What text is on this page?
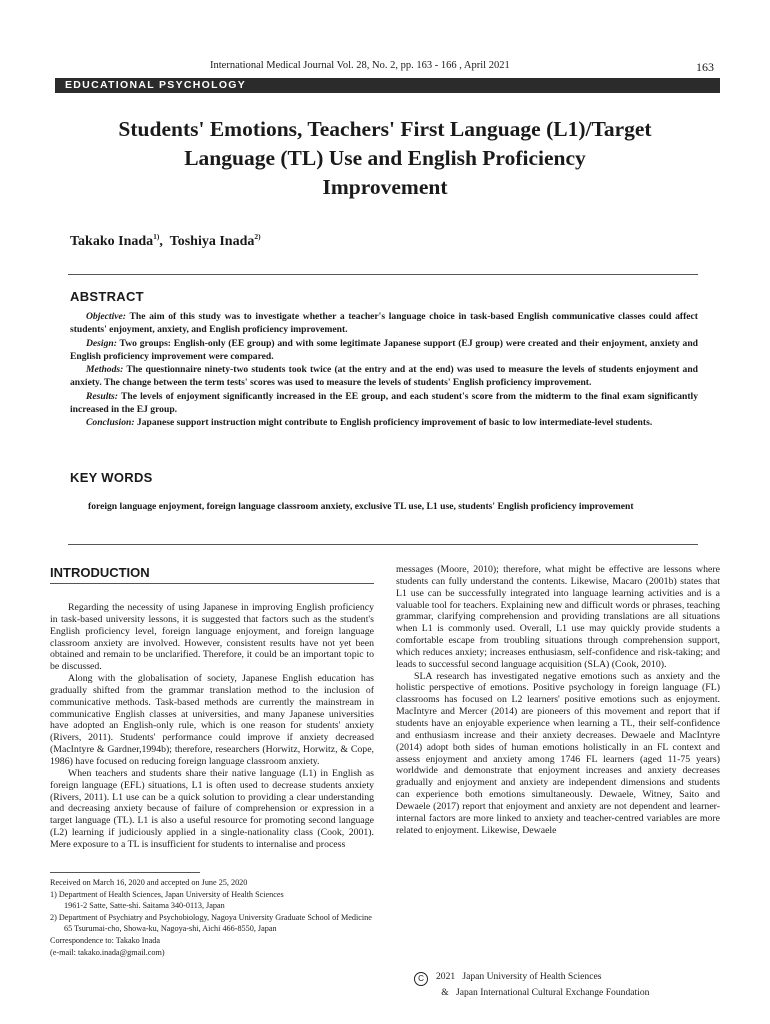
International Medical Journal Vol. 28, No. 2, pp. 163 - 166 , April 2021	163
EDUCATIONAL PSYCHOLOGY
Students' Emotions, Teachers' First Language (L1)/Target
Language (TL) Use and English Proficiency
Improvement
Takako Inada$^{1)}$,  Toshiya Inada$^{2)}$
ABSTRACT

Objective: The aim of this study was to investigate whether a teacher's language choice in task-based English communicative classes could affect students' enjoyment, anxiety, and English proficiency improvement.

Design: Two groups: English-only (EE group) and with some legitimate Japanese support (EJ group) were created and their enjoyment, anxiety and English proficiency improvement were compared.

Methods: The questionnaire ninety-two students took twice (at the entry and at the end) was used to measure the levels of students enjoyment and anxiety. The change between the term tests' scores was used to measure the levels of students' English proficiency improvement.

Results: The levels of enjoyment significantly increased in the EE group, and each student's score from the midterm to the final exam significantly increased in the EJ group.

Conclusion: Japanese support instruction might contribute to English proficiency improvement of basic to low intermediate-level students.

KEY WORDS
foreign language enjoyment, foreign language classroom anxiety, exclusive TL use, L1 use, students' English proficiency improvement
INTRODUCTION

Regarding the necessity of using Japanese in improving English proficiency in task-based university lessons, it is suggested that factors such as the student's English proficiency level, foreign language enjoyment, and foreign language classroom anxiety are involved. However, consistent results have not yet been obtained and remain to be unclarified. Therefore, it could be an important topic to be discussed.

Along with the globalisation of society, Japanese English education has gradually shifted from the grammar translation method to the inclusion of communicative methods. Task-based methods are currently the mainstream in communicative English classes at universities, and many Japanese universities have adopted an English-only rule, which is one reason for students' anxiety (Rivers, 2011). Students' performance could improve if anxiety decreased (MacIntyre & Gardner,1994b); therefore, researchers (Horwitz, Horwitz, & Cope, 1986) have focused on reducing foreign language classroom anxiety.

When teachers and students share their native language (L1) in English as foreign language (EFL) situations, L1 is often used to decrease students anxiety (Rivers, 2011). L1 use can be a quick solution to providing a clear understanding and decreasing anxiety because of failure of comprehension or expression in a target language (TL). L1 is also a useful resource for promoting second language (L2) learning if judiciously applied in a single-nationality class (Cook, 2001). Mere exposure to a TL is insufficient for students to internalise and process

messages (Moore, 2010); therefore, what might be effective are lessons where students can fully understand the contents. Likewise, Macaro (2001b) states that L1 use can be successfully integrated into language learning activities and is a valuable tool for teachers. Explaining new and difficult words or phrases, teaching grammar, clarifying comprehension and providing translations are all situations when L1 is commonly used. Overall, L1 use may quickly provide students a comfortable escape from troubling situations through comprehension support, which reduces anxiety; increases enthusiasm, self-confidence and risk-taking; and leads to successful second language acquisition (SLA) (Cook, 2010).

SLA research has investigated negative emotions such as anxiety and the holistic perspective of emotions. Positive psychology in foreign language (FL) classrooms has focused on L2 learners' positive emotions such as enjoyment. MacIntyre and Mercer (2014) are pioneers of this movement and report that if students have an enjoyable experience when learning a TL, their self-confidence and enthusiasm increase and their anxiety decreases. Dewaele and MacIntyre (2014) adopt both sides of human emotions holistically in an FL context and assess enjoyment and anxiety among 1746 FL learners (aged 11-75 years) worldwide and demonstrate that enjoyment increases and anxiety decreases gradually and enjoyment and anxiety are independent dimensions and students can experience both emotions simultaneously. Dewaele, Witney, Saito and Dewaele (2017) report that enjoyment and anxiety are not dependent and learner-internal factors are more linked to anxiety and teacher-centred variables are more related to enjoyment. Likewise, Dewaele

Received on March 16, 2020 and accepted on June 25, 2020
1) Department of Health Sciences, Japan University of Health Sciences
1961-2 Satte, Satte-shi. Saitama 340-0113, Japan
2) Department of Psychiatry and Psychobiology, Nagoya University Graduate School of Medicine
65 Tsurumai-cho, Showa-ku, Nagoya-shi, Aichi 466-8550, Japan
Correspondence to: Takako Inada
(e-mail: takako.inada@gmail.com)
C 2021   Japan University of Health Sciences
& Japan International Cultural Exchange Foundation
